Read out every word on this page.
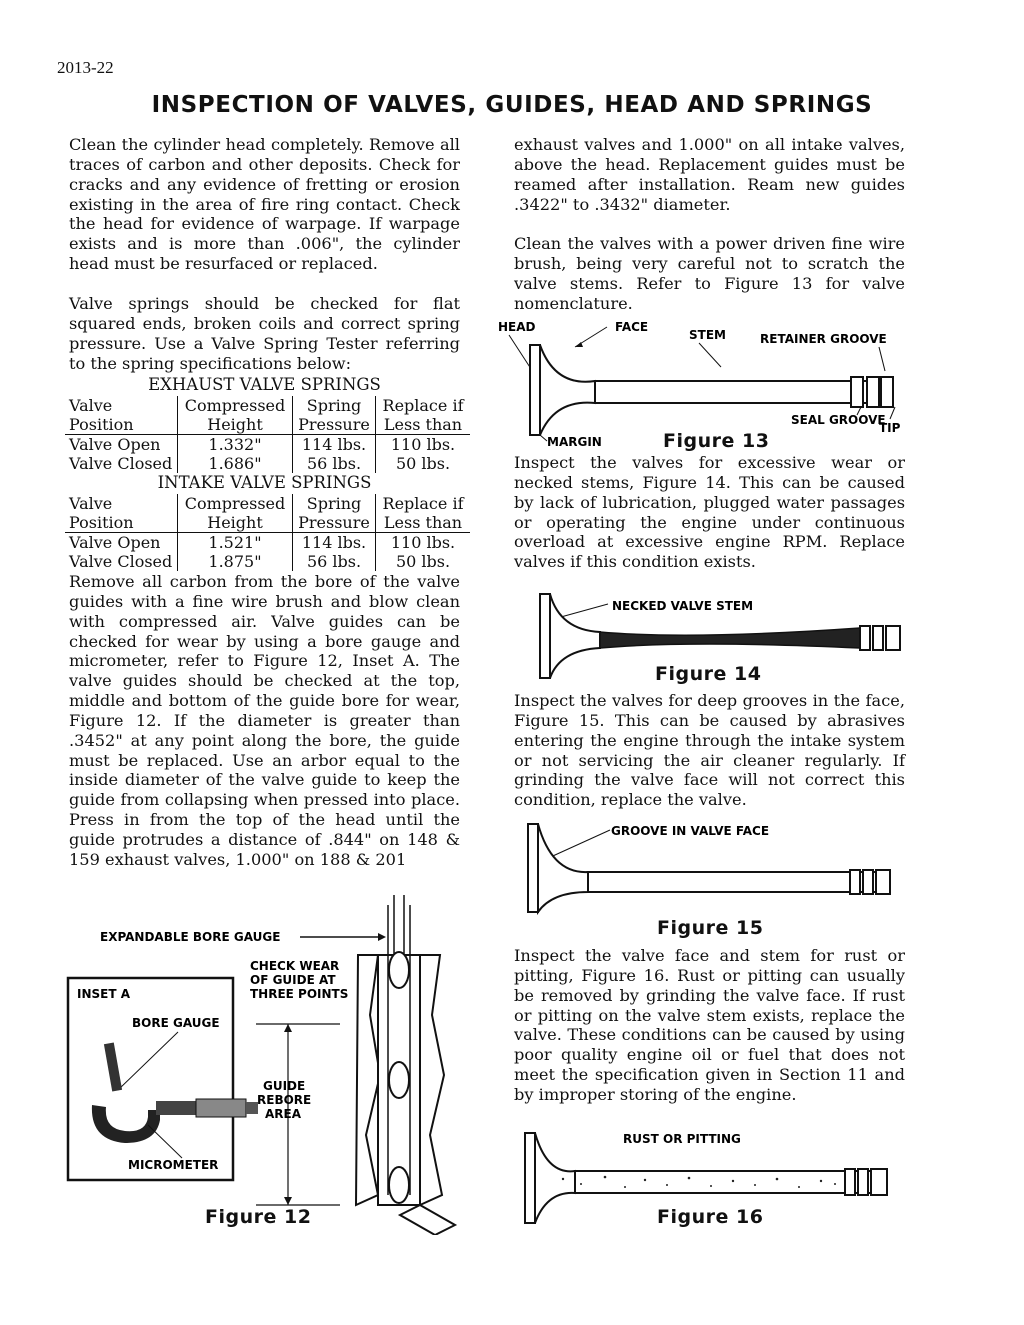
2013-22
INSPECTION OF VALVES, GUIDES, HEAD AND SPRINGS

Clean the cylinder head completely. Remove all traces of carbon and other deposits. Check for cracks and any evidence of fretting or erosion existing in the area of fire ring contact. Check the head for evidence of warpage. If warpage exists and is more than .006", the cylinder head must be resurfaced or replaced.

Valve springs should be checked for flat squared ends, broken coils and correct spring pressure. Use a Valve Spring Tester referring to the spring specifications below:

EXHAUST VALVE SPRINGS
Valve	Compressed	Spring	Replace if
Position	Height	Pressure	Less than
Valve Open	1.332"	114 lbs.	110 lbs.
Valve Closed	1.686"	56 lbs.	50 lbs.
INTAKE VALVE SPRINGS
Valve	Compressed	Spring	Replace if
Position	Height	Pressure	Less than
Valve Open	1.521"	114 lbs.	110 lbs.
Valve Closed	1.875"	56 lbs.	50 lbs.

Remove all carbon from the bore of the valve guides with a fine wire brush and blow clean with compressed air. Valve guides can be checked for wear by using a bore gauge and micrometer, refer to Figure 12, Inset A. The valve guides should be checked at the top, middle and bottom of the guide bore for wear, Figure 12. If the diameter is greater than .3452" at any point along the bore, the guide must be replaced. Use an arbor equal to the inside diameter of the valve guide to keep the guide from collapsing when pressed into place. Press in from the top of the head until the guide protrudes a distance of .844" on 148 & 159 exhaust valves, 1.000" on 188 & 201

EXPANDABLE BORE GAUGE
CHECK WEAR
OF GUIDE AT
THREE POINTS
INSET A
BORE GAUGE
MICROMETER
GUIDE
REBORE
AREA
Figure 12

exhaust valves and 1.000" on all intake valves, above the head. Replacement guides must be reamed after installation. Ream new guides .3422" to .3432" diameter.

Clean the valves with a power driven fine wire brush, being very careful not to scratch the valve stems. Refer to Figure 13 for valve nomenclature.

HEAD	FACE
STEM	RETAINER GROOVE
SEAL GROOVE
TIP
MARGIN	Figure 13

Inspect the valves for excessive wear or necked stems, Figure 14. This can be caused by lack of lubrication, plugged water passages or operating the engine under continuous overload at excessive engine RPM. Replace valves if this condition exists.

NECKED VALVE STEM
Figure 14

Inspect the valves for deep grooves in the face, Figure 15. This can be caused by abrasives entering the engine through the intake system or not servicing the air cleaner regularly. If grinding the valve face will not correct this condition, replace the valve.

GROOVE IN VALVE FACE
Figure 15

Inspect the valve face and stem for rust or pitting, Figure 16. Rust or pitting can usually be removed by grinding the valve face. If rust or pitting on the valve stem exists, replace the valve. These conditions can be caused by using poor quality engine oil or fuel that does not meet the specification given in Section 11 and by improper storing of the engine.

RUST OR PITTING
Figure 16
